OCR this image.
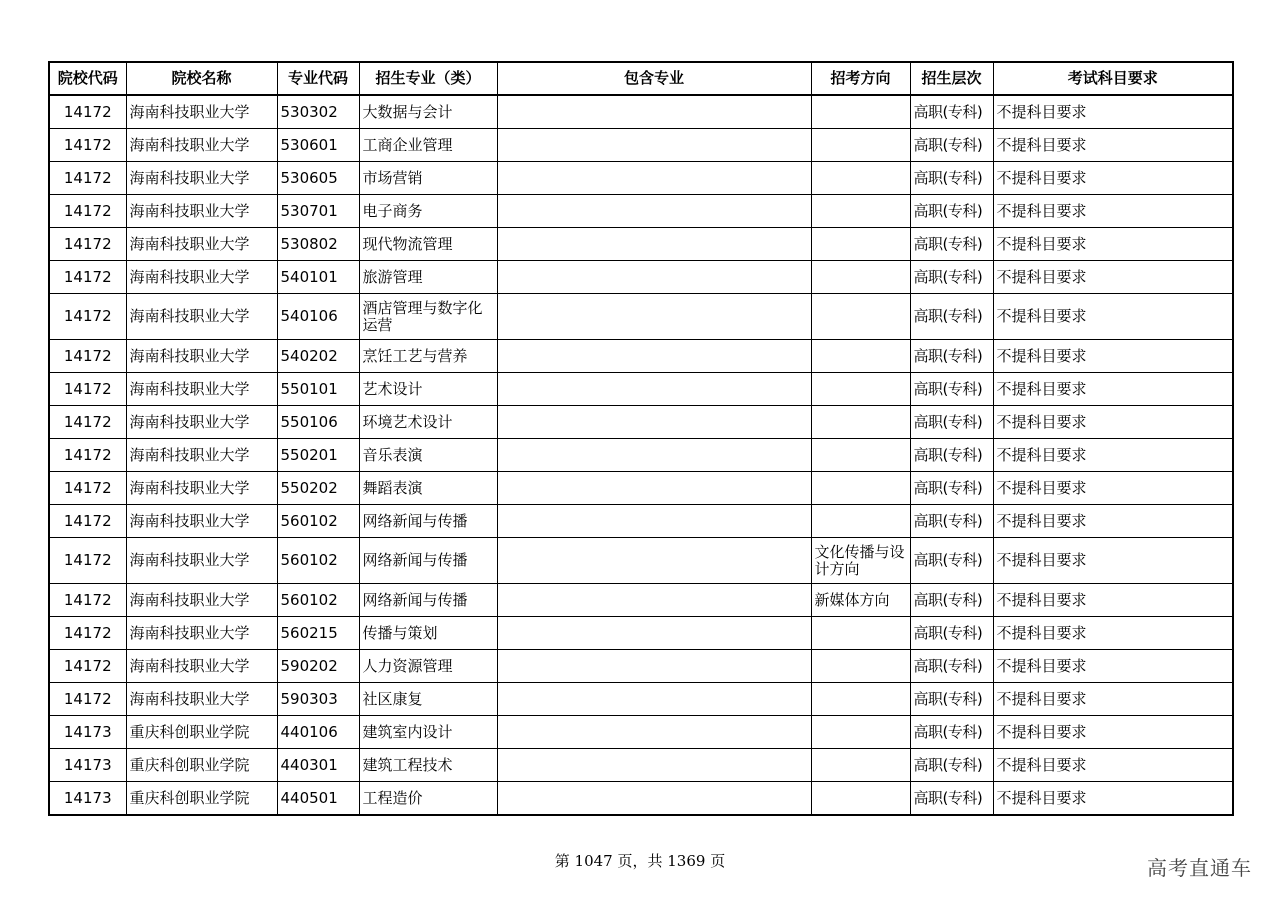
院校代码	院校名称	专业代码	招生专业（类）	包含专业	招考方向	招生层次	考试科目要求
14172	海南科技职业大学	530302	大数据与会计			高职(专科)	不提科目要求
14172	海南科技职业大学	530601	工商企业管理			高职(专科)	不提科目要求
14172	海南科技职业大学	530605	市场营销			高职(专科)	不提科目要求
14172	海南科技职业大学	530701	电子商务			高职(专科)	不提科目要求
14172	海南科技职业大学	530802	现代物流管理			高职(专科)	不提科目要求
14172	海南科技职业大学	540101	旅游管理			高职(专科)	不提科目要求
14172	海南科技职业大学	540106	酒店管理与数字化运营			高职(专科)	不提科目要求
14172	海南科技职业大学	540202	烹饪工艺与营养			高职(专科)	不提科目要求
14172	海南科技职业大学	550101	艺术设计			高职(专科)	不提科目要求
14172	海南科技职业大学	550106	环境艺术设计			高职(专科)	不提科目要求
14172	海南科技职业大学	550201	音乐表演			高职(专科)	不提科目要求
14172	海南科技职业大学	550202	舞蹈表演			高职(专科)	不提科目要求
14172	海南科技职业大学	560102	网络新闻与传播			高职(专科)	不提科目要求
14172	海南科技职业大学	560102	网络新闻与传播		文化传播与设计方向	高职(专科)	不提科目要求
14172	海南科技职业大学	560102	网络新闻与传播		新媒体方向	高职(专科)	不提科目要求
14172	海南科技职业大学	560215	传播与策划			高职(专科)	不提科目要求
14172	海南科技职业大学	590202	人力资源管理			高职(专科)	不提科目要求
14172	海南科技职业大学	590303	社区康复			高职(专科)	不提科目要求
14173	重庆科创职业学院	440106	建筑室内设计			高职(专科)	不提科目要求
14173	重庆科创职业学院	440301	建筑工程技术			高职(专科)	不提科目要求
14173	重庆科创职业学院	440501	工程造价			高职(专科)	不提科目要求
第 1047 页，共 1369 页	高考直通车
